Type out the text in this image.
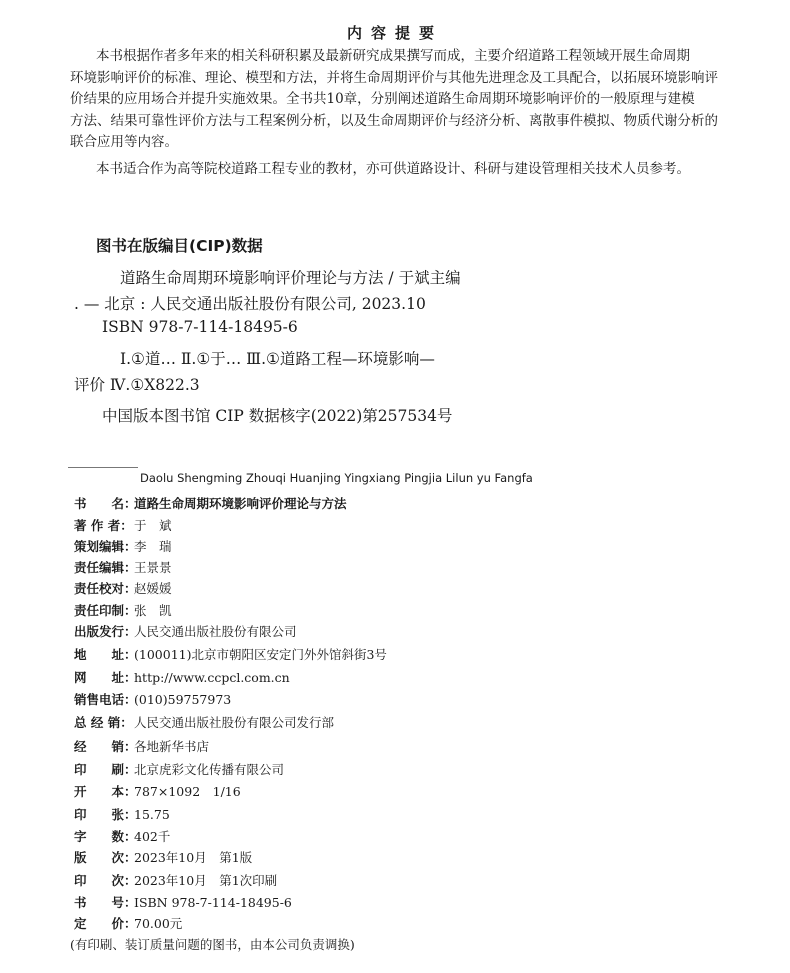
内容提要

本书根据作者多年来的相关科研积累及最新研究成果撰写而成，主要介绍道路工程领域开展生命周期

环境影响评价的标准、理论、模型和方法，并将生命周期评价与其他先进理念及工具配合，以拓展环境影响评

价结果的应用场合并提升实施效果。全书共10章，分别阐述道路生命周期环境影响评价的一般原理与建模

方法、结果可靠性评价方法与工程案例分析，以及生命周期评价与经济分析、离散事件模拟、物质代谢分析的

联合应用等内容。

本书适合作为高等院校道路工程专业的教材，亦可供道路设计、科研与建设管理相关技术人员参考。
图书在版编目(CIP)数据
道路生命周期环境影响评价理论与方法 / 于斌主编
. — 北京 : 人民交通出版社股份有限公司, 2023.10
ISBN 978-7-114-18495-6
Ⅰ.①道… Ⅱ.①于… Ⅲ.①道路工程—环境影响—
评价 Ⅳ.①X822.3
中国版本图书馆 CIP 数据核字(2022)第257534号
Daolu Shengming Zhouqi Huanjing Yingxiang Pingjia Lilun yu Fangfa
书　　名：道路生命周期环境影响评价理论与方法
著 作 者：于　斌
策划编辑：李　瑞
责任编辑：王景景
责任校对：赵媛媛
责任印制：张　凯
出版发行：人民交通出版社股份有限公司
地　　址：(100011)北京市朝阳区安定门外外馆斜街3号
网　　址：http://www.ccpcl.com.cn
销售电话：(010)59757973
总 经 销：人民交通出版社股份有限公司发行部
经　　销：各地新华书店
印　　刷：北京虎彩文化传播有限公司
开　　本：787×1092　1/16
印　　张：15.75
字　　数：402千
版　　次：2023年10月　第1版
印　　次：2023年10月　第1次印刷
书　　号：ISBN 978-7-114-18495-6
定　　价：70.00元
(有印刷、装订质量问题的图书，由本公司负责调换)
